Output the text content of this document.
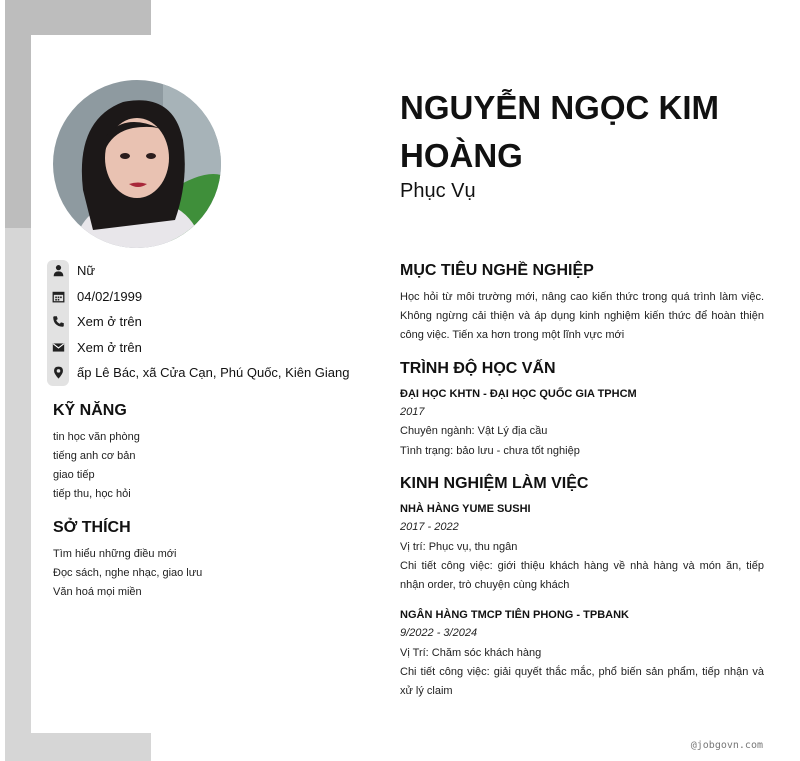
Nữ
04/02/1999
Xem ở trên
Xem ở trên
ấp Lê Bác, xã Cửa Cạn, Phú Quốc, Kiên Giang
KỸ NĂNG
tin học văn phòng
tiếng anh cơ bản
giao tiếp
tiếp thu, học hỏi
SỞ THÍCH
Tìm hiểu những điều mới
Đọc sách, nghe nhạc, giao lưu
Văn hoá mọi miền
NGUYỄN NGỌC KIM HOÀNG
Phục Vụ
MỤC TIÊU NGHỀ NGHIỆP
Học hỏi từ môi trường mới, nâng cao kiến thức trong quá trình làm việc. Không ngừng cải thiện và áp dụng kinh nghiệm kiến thức để hoàn thiện công việc. Tiến xa hơn trong một lĩnh vực mới
TRÌNH ĐỘ HỌC VẤN
ĐẠI HỌC KHTN - ĐẠI HỌC QUỐC GIA TPHCM
2017
Chuyên ngành: Vật Lý địa cầu
Tình trạng: bảo lưu - chưa tốt nghiệp
KINH NGHIỆM LÀM VIỆC
NHÀ HÀNG YUME SUSHI
2017 - 2022
Vị trí: Phục vụ, thu ngân
Chi tiết công việc: giới thiệu khách hàng về nhà hàng và món ăn, tiếp nhận order, trò chuyện cùng khách
NGÂN HÀNG TMCP TIÊN PHONG - TPBANK
9/2022 - 3/2024
Vị Trí: Chăm sóc khách hàng
Chi tiết công việc: giải quyết thắc mắc, phổ biến sản phẩm, tiếp nhận và xử lý claim
@jobgovn.com
